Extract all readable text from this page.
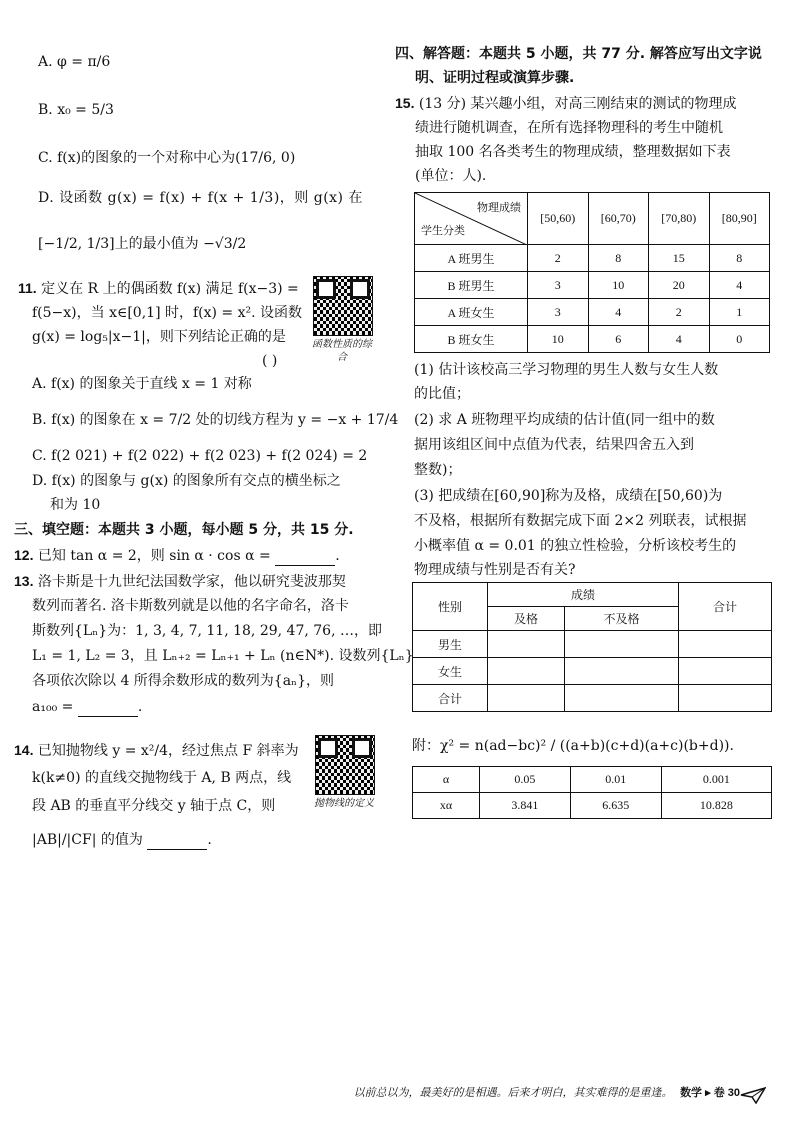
A. φ = π/6
B. x₀ = 5/3
C. f(x)的图象的一个对称中心为(17/6, 0)
D. 设函数 g(x) = f(x) + f(x + 1/3)，则 g(x) 在
[−1/2, 1/3]上的最小值为 −√3/2
11. 定义在 R 上的偶函数 f(x) 满足 f(x−3) =
f(5−x)，当 x∈[0,1] 时，f(x) = x². 设函数
g(x) = log₅|x−1|，则下列结论正确的是
( )
函数性质的综合
A. f(x) 的图象关于直线 x = 1 对称
B. f(x) 的图象在 x = 7/2 处的切线方程为 y = −x + 17/4
C. f(2 021) + f(2 022) + f(2 023) + f(2 024) = 2
D. f(x) 的图象与 g(x) 的图象所有交点的横坐标之
和为 10
三、填空题：本题共 3 小题，每小题 5 分，共 15 分.
12. 已知 tan α = 2，则 sin α · cos α =	.
13. 洛卡斯是十九世纪法国数学家，他以研究斐波那契
数列而著名. 洛卡斯数列就是以他的名字命名，洛卡
斯数列{Lₙ}为：1, 3, 4, 7, 11, 18, 29, 47, 76, …，即
L₁ = 1, L₂ = 3，且 Lₙ₊₂ = Lₙ₊₁ + Lₙ (n∈N*). 设数列{Lₙ}
各项依次除以 4 所得余数形成的数列为{aₙ}，则
a₁₀₀ =	.
14. 已知抛物线 y = x²/4，经过焦点 F 斜率为
k(k≠0) 的直线交抛物线于 A, B 两点，线
段 AB 的垂直平分线交 y 轴于点 C，则
|AB|/|CF| 的值为	.
抛物线的定义
四、解答题：本题共 5 小题，共 77 分. 解答应写出文字说
明、证明过程或演算步骤.
15. (13 分) 某兴趣小组，对高三刚结束的测试的物理成
绩进行随机调查，在所有选择物理科的考生中随机
抽取 100 名各类考生的物理成绩，整理数据如下表
(单位：人).
物理成绩
学生分类	[50,60)	[60,70)	[70,80)	[80,90]
A 班男生	2	8	15	8
B 班男生	3	10	20	4
A 班女生	3	4	2	1
B 班女生	10	6	4	0
(1) 估计该校高三学习物理的男生人数与女生人数
的比值；
(2) 求 A 班物理平均成绩的估计值(同一组中的数
据用该组区间中点值为代表，结果四舍五入到
整数)；
(3) 把成绩在[60,90]称为及格，成绩在[50,60)为
不及格，根据所有数据完成下面 2×2 列联表，试根据
小概率值 α = 0.01 的独立性检验，分析该校考生的
物理成绩与性别是否有关?
性别	成绩		合计
	及格	不及格	
男生			
女生			
合计			
附：χ² = n(ad−bc)² / ((a+b)(c+d)(a+c)(b+d)).
α	0.05	0.01	0.001
xα	3.841	6.635	10.828
以前总以为，最美好的是相遇。后来才明白，其实难得的是重逢。 数学 ▸ 卷 30
